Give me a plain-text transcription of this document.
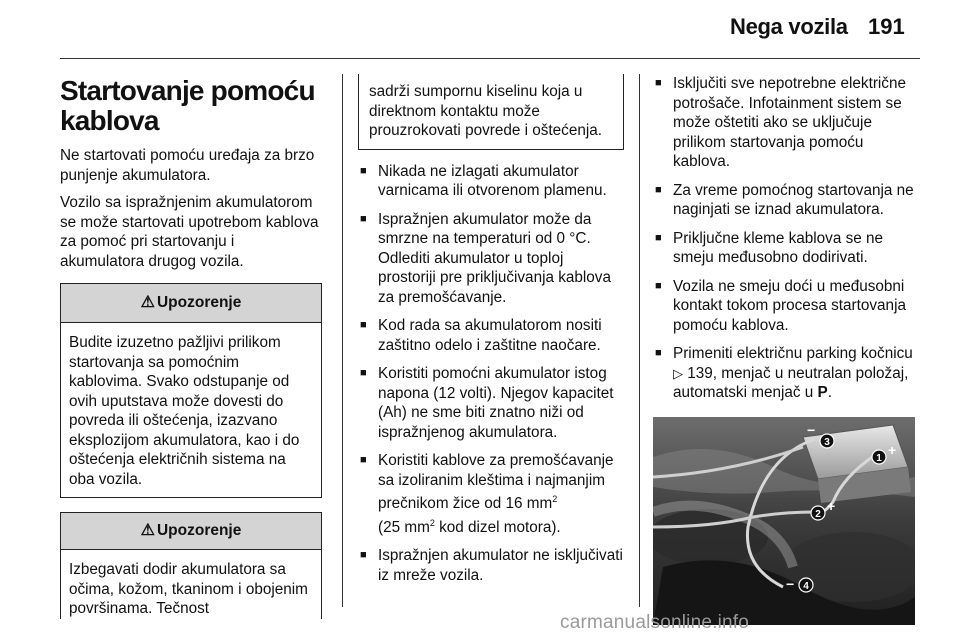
Nega vozila 191
Startovanje pomoću kablova

Ne startovati pomoću uređaja za brzo punjenje akumulatora.

Vozilo sa ispražnjenim akumulatorom se može startovati upotrebom kablova za pomoć pri startovanju i akumulatora drugog vozila.

⚠ Upozorenje
Budite izuzetno pažljivi prilikom startovanja sa pomoćnim kablovima. Svako odstupanje od ovih uputstava može dovesti do povreda ili oštećenja, izazvano eksplozijom akumulatora, kao i do oštećenja električnih sistema na oba vozila.
⚠ Upozorenje
Izbegavati dodir akumulatora sa očima, kožom, tkaninom i obojenim površinama. Tečnost
sadrži sumpornu kiselinu koja u direktnom kontaktu može prouzrokovati povrede i oštećenja.
■ Nikada ne izlagati akumulator varnicama ili otvorenom plamenu.
■ Ispražnjen akumulator može da smrzne na temperaturi od 0 °C. Odlediti akumulator u toploj prostoriji pre priključivanja kablova za premošćavanje.
■ Kod rada sa akumulatorom nositi zaštitno odelo i zaštitne naočare.
■ Koristiti pomoćni akumulator istog napona (12 volti). Njegov kapacitet (Ah) ne sme biti znatno niži od ispražnjenog akumulatora.
■ Koristiti kablove za premošćavanje sa izoliranim kleštima i najmanjim prečnikom žice od 16 $mm^2$
(25 $mm^2$ kod dizel motora).
■ Ispražnjen akumulator ne isključivati iz mreže vozila.
■ Isključiti sve nepotrebne električne potrošače. Infotainment sistem se može oštetiti ako se uključuje prilikom startovanja pomoću kablova.
■ Za vreme pomoćnog startovanja ne naginjati se iznad akumulatora.
■ Priključne kleme kablova se ne smeju međusobno dodirivati.
■ Vozila ne smeju doći u međusobni kontakt tokom procesa startovanja pomoću kablova.
■ Primeniti električnu parking kočnicu
▷ 139, menjač u neutralan položaj, automatski menjač u P.
−
3
1
+
2
+
− 4
carmanualsonline.info
